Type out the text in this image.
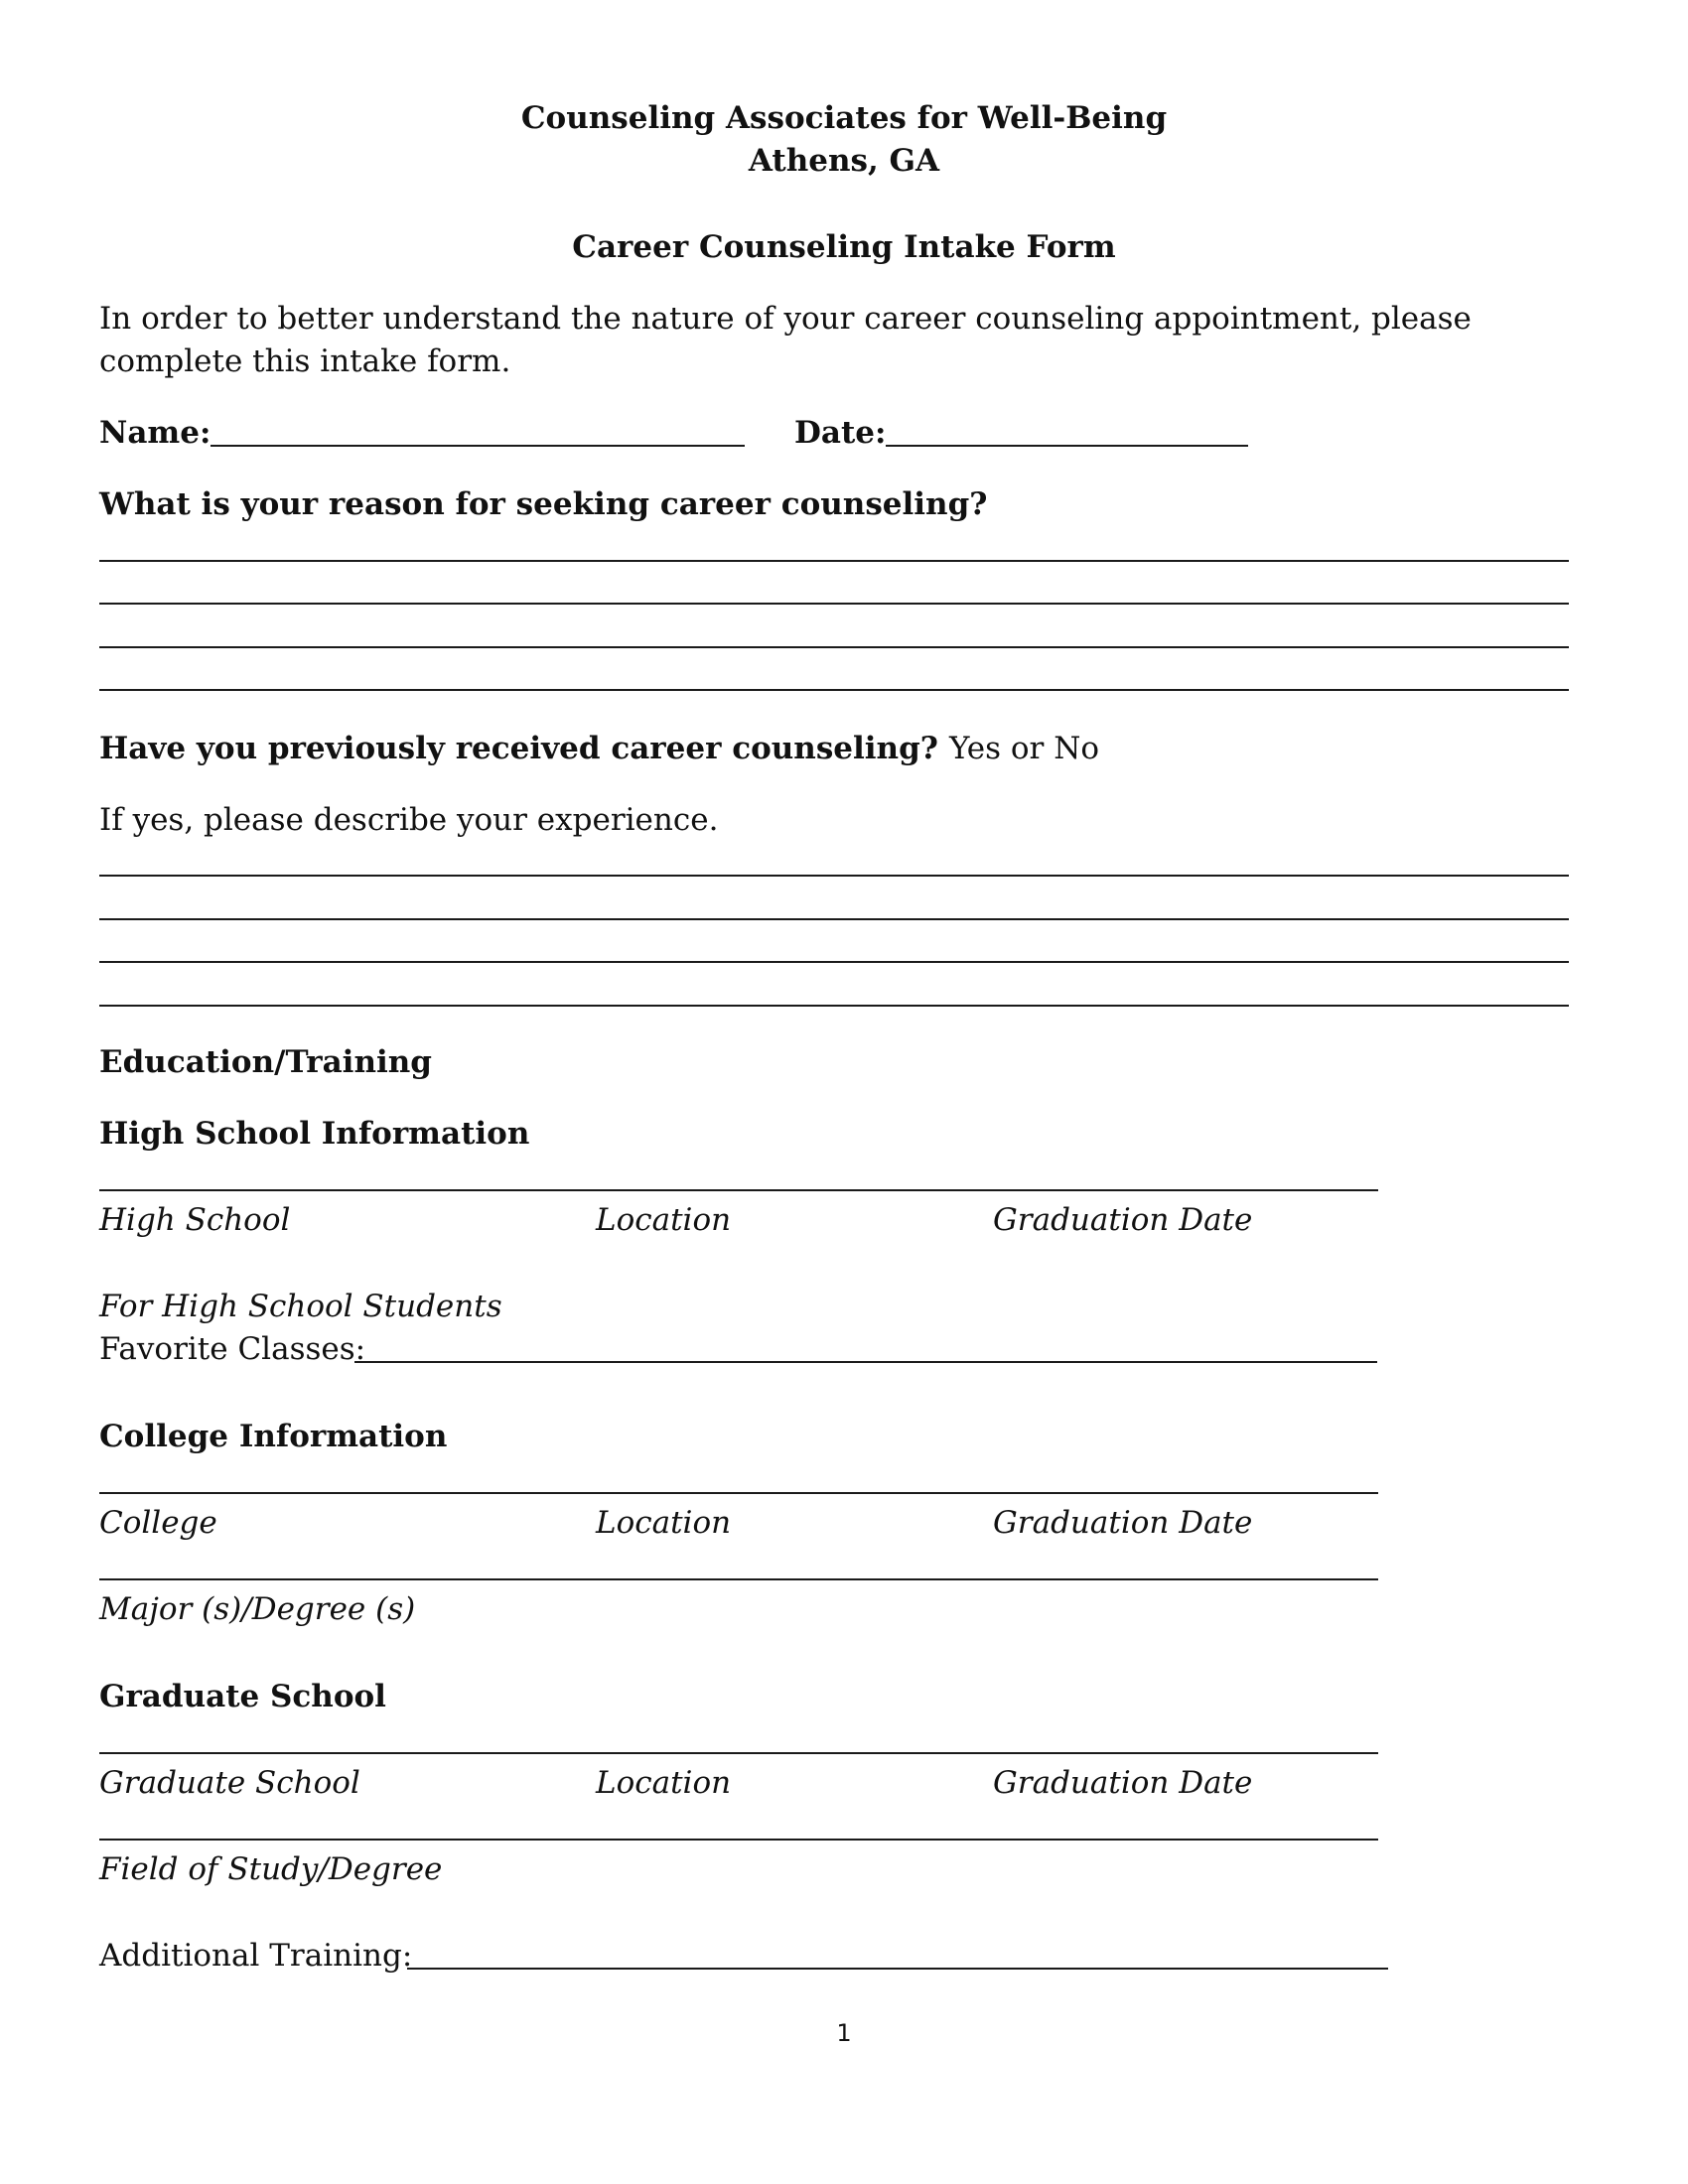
Counseling Associates for Well-Being
Athens, GA
Career Counseling Intake Form
In order to better understand the nature of your career counseling appointment, please complete this intake form.
Name:	Date:
What is your reason for seeking career counseling?
Have you previously received career counseling? Yes or No
If yes, please describe your experience.
Education/Training
High School Information
High School	Location	Graduation Date
For High School Students
Favorite Classes:
College Information
College	Location	Graduation Date
Major (s)/Degree (s)
Graduate School
Graduate School	Location	Graduation Date
Field of Study/Degree
Additional Training:
1
